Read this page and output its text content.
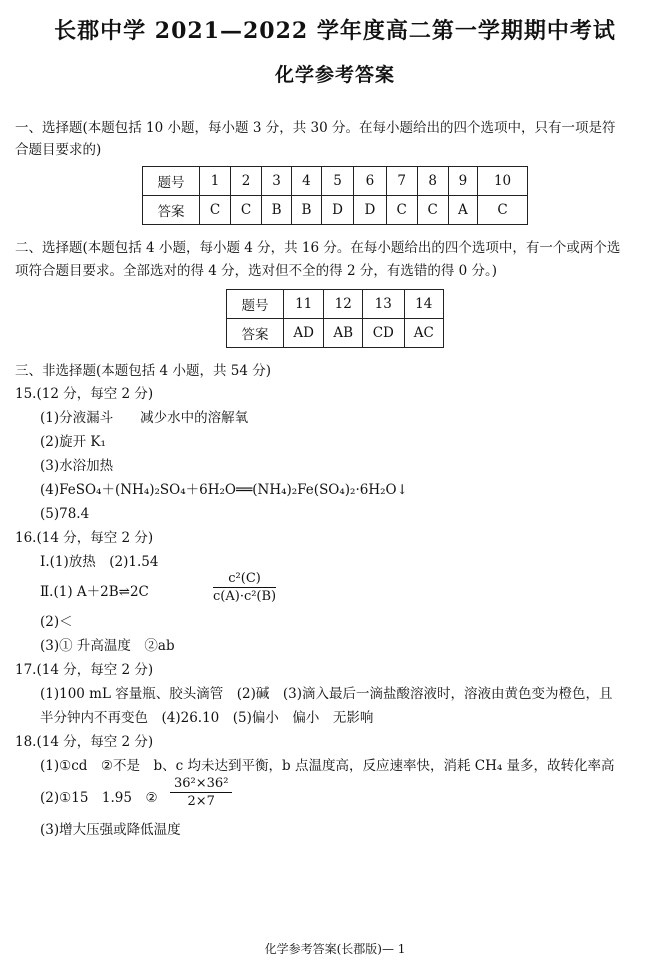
长郡中学 2021—2022 学年度高二第一学期期中考试
化学参考答案
一、选择题(本题包括 10 小题，每小题 3 分，共 30 分。在每小题给出的四个选项中，只有一项是符
合题目要求的)
题号	1	2	3	4	5	6	7	8	9	10
答案	C	C	B	B	D	D	C	C	A	C
二、选择题(本题包括 4 小题，每小题 4 分，共 16 分。在每小题给出的四个选项中，有一个或两个选
项符合题目要求。全部选对的得 4 分，选对但不全的得 2 分，有选错的得 0 分。)
题号	11	12	13	14
答案	AD	AB	CD	AC
三、非选择题(本题包括 4 小题，共 54 分)
15.(12 分，每空 2 分)
(1)分液漏斗　　减少水中的溶解氧
(2)旋开 K₁
(3)水浴加热
(4)FeSO₄＋(NH₄)₂SO₄＋6H₂O══(NH₄)₂Fe(SO₄)₂·6H₂O↓
(5)78.4
16.(14 分，每空 2 分)
Ⅰ.(1)放热　(2)1.54
Ⅱ.(1) A＋2B⇌2C	$\frac{\text{c²(C)}}{\text{c(A)·c²(B)}}$
(2)＜
(3)① 升高温度　②ab
17.(14 分，每空 2 分)
(1)100 mL 容量瓶、胶头滴管　(2)碱　(3)滴入最后一滴盐酸溶液时，溶液由黄色变为橙色，且
半分钟内不再变色　(4)26.10　(5)偏小　偏小　无影响
18.(14 分，每空 2 分)
(1)①cd　②不是　b、c 均未达到平衡，b 点温度高，反应速率快，消耗 CH₄ 量多，故转化率高
(2)①15　1.95　② $\frac{\text{36²×36²}}{2\times 7}$
(3)增大压强或降低温度
化学参考答案(长郡版)— 1
